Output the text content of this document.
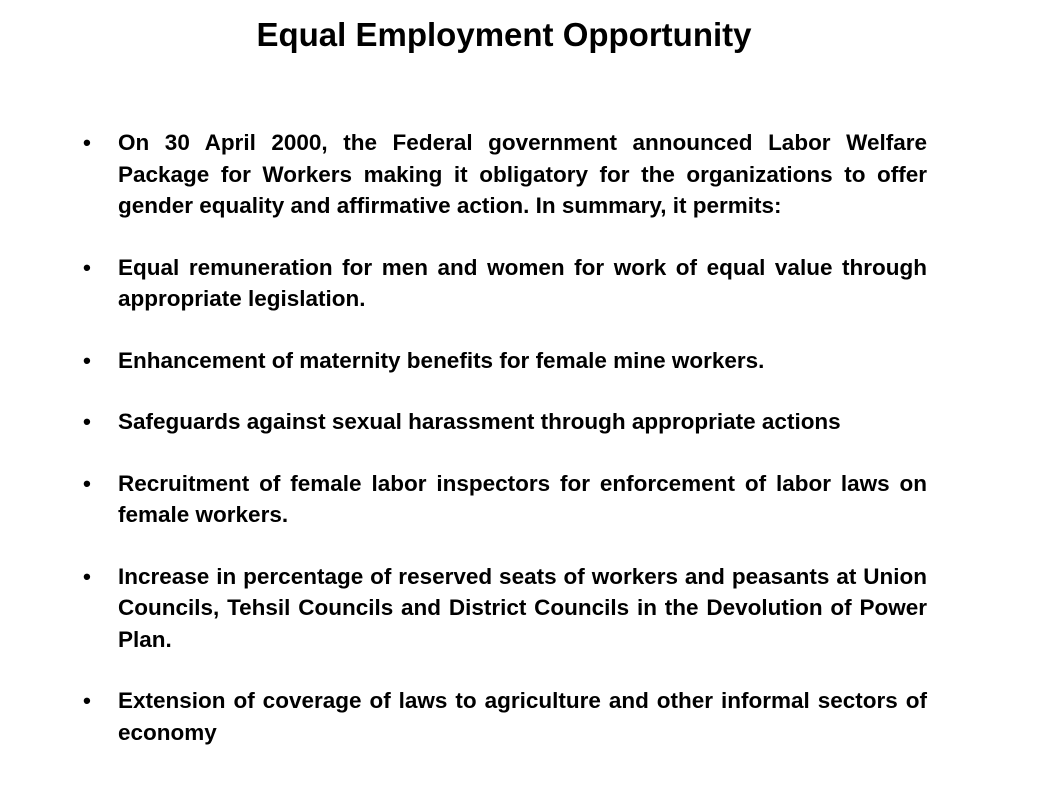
Equal Employment Opportunity
• On 30 April 2000, the Federal government announced Labor Welfare Package for Workers making it obligatory for the organizations to offer gender equality and affirmative action. In summary, it permits:
• Equal remuneration for men and women for work of equal value through appropriate legislation.
• Enhancement of maternity benefits for female mine workers.
• Safeguards against sexual harassment through appropriate actions
• Recruitment of female labor inspectors for enforcement of labor laws on female workers.
• Increase in percentage of reserved seats of workers and peasants at Union Councils, Tehsil Councils and District Councils in the Devolution of Power Plan.
• Extension of coverage of laws to agriculture and other informal sectors of economy
